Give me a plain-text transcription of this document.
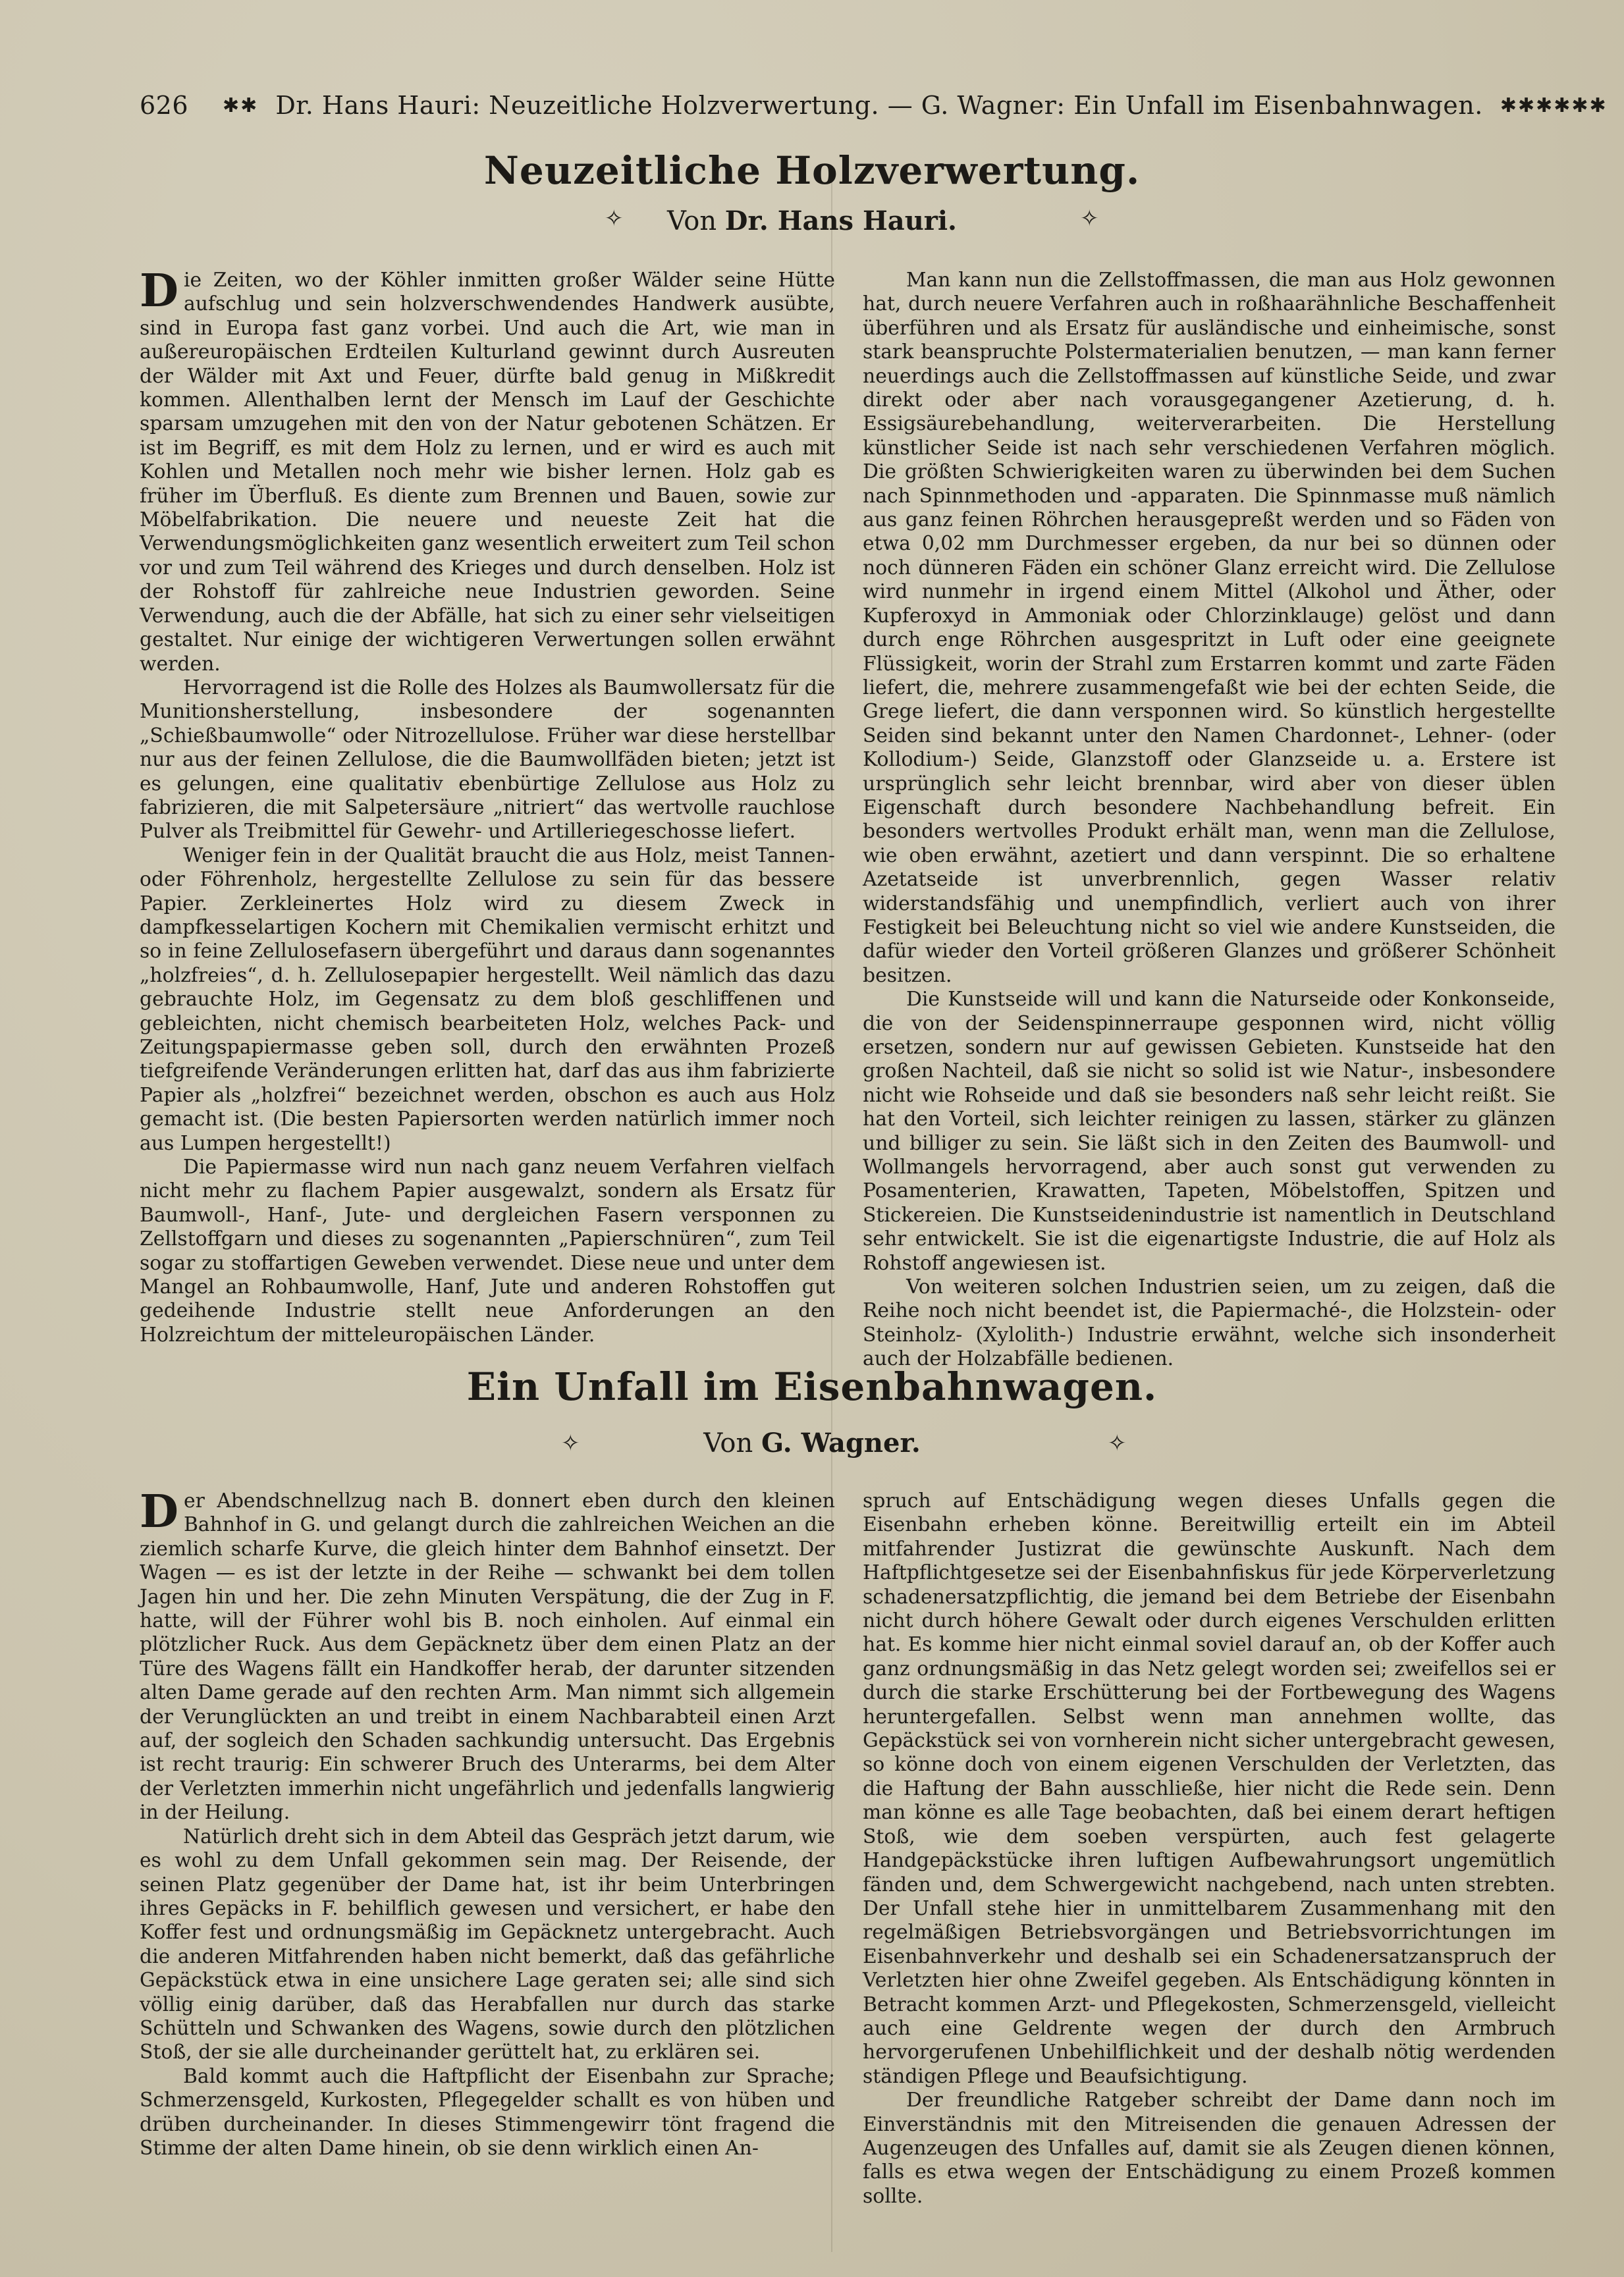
626 ✱✱ Dr. Hans Hauri: Neuzeitliche Holzverwertung. — G. Wagner: Ein Unfall im Eisenbahnwagen. ✱✱✱✱✱✱
Neuzeitliche Holzverwertung.
✧	Von Dr. Hans Hauri.	✧

Die Zeiten, wo der Köhler inmitten großer Wälder seine Hütte aufschlug und sein holzverschwendendes Handwerk ausübte, sind in Europa fast ganz vorbei. Und auch die Art, wie man in außereuropäischen Erdteilen Kulturland gewinnt durch Ausreuten der Wälder mit Axt und Feuer, dürfte bald genug in Mißkredit kommen. Allenthalben lernt der Mensch im Lauf der Geschichte sparsam umzugehen mit den von der Natur gebotenen Schätzen. Er ist im Begriff, es mit dem Holz zu lernen, und er wird es auch mit Kohlen und Metallen noch mehr wie bisher lernen. Holz gab es früher im Überfluß. Es diente zum Brennen und Bauen, sowie zur Möbelfabrikation. Die neuere und neueste Zeit hat die Verwendungsmöglichkeiten ganz wesentlich erweitert zum Teil schon vor und zum Teil während des Krieges und durch denselben. Holz ist der Rohstoff für zahlreiche neue Industrien geworden. Seine Verwendung, auch die der Abfälle, hat sich zu einer sehr vielseitigen gestaltet. Nur einige der wichtigeren Verwertungen sollen erwähnt werden.

Hervorragend ist die Rolle des Holzes als Baumwollersatz für die Munitionsherstellung, insbesondere der sogenannten „Schießbaumwolle“ oder Nitrozellulose. Früher war diese herstellbar nur aus der feinen Zellulose, die die Baumwollfäden bieten; jetzt ist es gelungen, eine qualitativ ebenbürtige Zellulose aus Holz zu fabrizieren, die mit Salpetersäure „nitriert“ das wertvolle rauchlose Pulver als Treibmittel für Gewehr- und Artilleriegeschosse liefert.

Weniger fein in der Qualität braucht die aus Holz, meist Tannen- oder Föhrenholz, hergestellte Zellulose zu sein für das bessere Papier. Zerkleinertes Holz wird zu diesem Zweck in dampfkesselartigen Kochern mit Chemikalien vermischt erhitzt und so in feine Zellulosefasern übergeführt und daraus dann sogenanntes „holzfreies“, d. h. Zellulosepapier hergestellt. Weil nämlich das dazu gebrauchte Holz, im Gegensatz zu dem bloß geschliffenen und gebleichten, nicht chemisch bearbeiteten Holz, welches Pack- und Zeitungspapiermasse geben soll, durch den erwähnten Prozeß tiefgreifende Veränderungen erlitten hat, darf das aus ihm fabrizierte Papier als „holzfrei“ bezeichnet werden, obschon es auch aus Holz gemacht ist. (Die besten Papiersorten werden natürlich immer noch aus Lumpen hergestellt!)

Die Papiermasse wird nun nach ganz neuem Verfahren vielfach nicht mehr zu flachem Papier ausgewalzt, sondern als Ersatz für Baumwoll-, Hanf-, Jute- und dergleichen Fasern versponnen zu Zellstoffgarn und dieses zu sogenannten „Papierschnüren“, zum Teil sogar zu stoffartigen Geweben verwendet. Diese neue und unter dem Mangel an Rohbaumwolle, Hanf, Jute und anderen Rohstoffen gut gedeihende Industrie stellt neue Anforderungen an den Holzreichtum der mitteleuropäischen Länder.

Man kann nun die Zellstoffmassen, die man aus Holz gewonnen hat, durch neuere Verfahren auch in roßhaarähnliche Beschaffenheit überführen und als Ersatz für ausländische und einheimische, sonst stark beanspruchte Polstermaterialien benutzen, — man kann ferner neuerdings auch die Zellstoffmassen auf künstliche Seide, und zwar direkt oder aber nach vorausgegangener Azetierung, d. h. Essigsäurebehandlung, weiterverarbeiten. Die Herstellung künstlicher Seide ist nach sehr verschiedenen Verfahren möglich. Die größten Schwierigkeiten waren zu überwinden bei dem Suchen nach Spinnmethoden und -apparaten. Die Spinnmasse muß nämlich aus ganz feinen Röhrchen herausgepreßt werden und so Fäden von etwa 0,02 mm Durchmesser ergeben, da nur bei so dünnen oder noch dünneren Fäden ein schöner Glanz erreicht wird. Die Zellulose wird nunmehr in irgend einem Mittel (Alkohol und Äther, oder Kupferoxyd in Ammoniak oder Chlorzinklauge) gelöst und dann durch enge Röhrchen ausgespritzt in Luft oder eine geeignete Flüssigkeit, worin der Strahl zum Erstarren kommt und zarte Fäden liefert, die, mehrere zusammengefaßt wie bei der echten Seide, die Grege liefert, die dann versponnen wird. So künstlich hergestellte Seiden sind bekannt unter den Namen Chardonnet-, Lehner- (oder Kollodium-) Seide, Glanzstoff oder Glanzseide u. a. Erstere ist ursprünglich sehr leicht brennbar, wird aber von dieser üblen Eigenschaft durch besondere Nachbehandlung befreit. Ein besonders wertvolles Produkt erhält man, wenn man die Zellulose, wie oben erwähnt, azetiert und dann verspinnt. Die so erhaltene Azetatseide ist unverbrennlich, gegen Wasser relativ widerstandsfähig und unempfindlich, verliert auch von ihrer Festigkeit bei Beleuchtung nicht so viel wie andere Kunstseiden, die dafür wieder den Vorteil größeren Glanzes und größerer Schönheit besitzen.

Die Kunstseide will und kann die Naturseide oder Konkonseide, die von der Seidenspinnerraupe gesponnen wird, nicht völlig ersetzen, sondern nur auf gewissen Gebieten. Kunstseide hat den großen Nachteil, daß sie nicht so solid ist wie Natur-, insbesondere nicht wie Rohseide und daß sie besonders naß sehr leicht reißt. Sie hat den Vorteil, sich leichter reinigen zu lassen, stärker zu glänzen und billiger zu sein. Sie läßt sich in den Zeiten des Baumwoll- und Wollmangels hervorragend, aber auch sonst gut verwenden zu Posamenterien, Krawatten, Tapeten, Möbelstoffen, Spitzen und Stickereien. Die Kunstseidenindustrie ist namentlich in Deutschland sehr entwickelt. Sie ist die eigenartigste Industrie, die auf Holz als Rohstoff angewiesen ist.

Von weiteren solchen Industrien seien, um zu zeigen, daß die Reihe noch nicht beendet ist, die Papiermaché-, die Holzstein- oder Steinholz- (Xylolith-) Industrie erwähnt, welche sich insonderheit auch der Holzabfälle bedienen.

Ein Unfall im Eisenbahnwagen.
✧	Von G. Wagner.	✧

Der Abendschnellzug nach B. donnert eben durch den kleinen Bahnhof in G. und gelangt durch die zahlreichen Weichen an die ziemlich scharfe Kurve, die gleich hinter dem Bahnhof einsetzt. Der Wagen — es ist der letzte in der Reihe — schwankt bei dem tollen Jagen hin und her. Die zehn Minuten Verspätung, die der Zug in F. hatte, will der Führer wohl bis B. noch einholen. Auf einmal ein plötzlicher Ruck. Aus dem Gepäcknetz über dem einen Platz an der Türe des Wagens fällt ein Handkoffer herab, der darunter sitzenden alten Dame gerade auf den rechten Arm. Man nimmt sich allgemein der Verunglückten an und treibt in einem Nachbarabteil einen Arzt auf, der sogleich den Schaden sachkundig untersucht. Das Ergebnis ist recht traurig: Ein schwerer Bruch des Unterarms, bei dem Alter der Verletzten immerhin nicht ungefährlich und jedenfalls langwierig in der Heilung.

Natürlich dreht sich in dem Abteil das Gespräch jetzt darum, wie es wohl zu dem Unfall gekommen sein mag. Der Reisende, der seinen Platz gegenüber der Dame hat, ist ihr beim Unterbringen ihres Gepäcks in F. behilflich gewesen und versichert, er habe den Koffer fest und ordnungsmäßig im Gepäcknetz untergebracht. Auch die anderen Mitfahrenden haben nicht bemerkt, daß das gefährliche Gepäckstück etwa in eine unsichere Lage geraten sei; alle sind sich völlig einig darüber, daß das Herabfallen nur durch das starke Schütteln und Schwanken des Wagens, sowie durch den plötzlichen Stoß, der sie alle durcheinander gerüttelt hat, zu erklären sei.

Bald kommt auch die Haftpflicht der Eisenbahn zur Sprache; Schmerzensgeld, Kurkosten, Pflegegelder schallt es von hüben und drüben durcheinander. In dieses Stimmengewirr tönt fragend die Stimme der alten Dame hinein, ob sie denn wirklich einen An-

spruch auf Entschädigung wegen dieses Unfalls gegen die Eisenbahn erheben könne. Bereitwillig erteilt ein im Abteil mitfahrender Justizrat die gewünschte Auskunft. Nach dem Haftpflichtgesetze sei der Eisenbahnfiskus für jede Körperverletzung schadenersatzpflichtig, die jemand bei dem Betriebe der Eisenbahn nicht durch höhere Gewalt oder durch eigenes Verschulden erlitten hat. Es komme hier nicht einmal soviel darauf an, ob der Koffer auch ganz ordnungsmäßig in das Netz gelegt worden sei; zweifellos sei er durch die starke Erschütterung bei der Fortbewegung des Wagens heruntergefallen. Selbst wenn man annehmen wollte, das Gepäckstück sei von vornherein nicht sicher untergebracht gewesen, so könne doch von einem eigenen Verschulden der Verletzten, das die Haftung der Bahn ausschließe, hier nicht die Rede sein. Denn man könne es alle Tage beobachten, daß bei einem derart heftigen Stoß, wie dem soeben verspürten, auch fest gelagerte Handgepäckstücke ihren luftigen Aufbewahrungsort ungemütlich fänden und, dem Schwergewicht nachgebend, nach unten strebten. Der Unfall stehe hier in unmittelbarem Zusammenhang mit den regelmäßigen Betriebsvorgängen und Betriebsvorrichtungen im Eisenbahnverkehr und deshalb sei ein Schadenersatzanspruch der Verletzten hier ohne Zweifel gegeben. Als Entschädigung könnten in Betracht kommen Arzt- und Pflegekosten, Schmerzensgeld, vielleicht auch eine Geldrente wegen der durch den Armbruch hervorgerufenen Unbehilflichkeit und der deshalb nötig werdenden ständigen Pflege und Beaufsichtigung.

Der freundliche Ratgeber schreibt der Dame dann noch im Einverständnis mit den Mitreisenden die genauen Adressen der Augenzeugen des Unfalles auf, damit sie als Zeugen dienen können, falls es etwa wegen der Entschädigung zu einem Prozeß kommen sollte.
